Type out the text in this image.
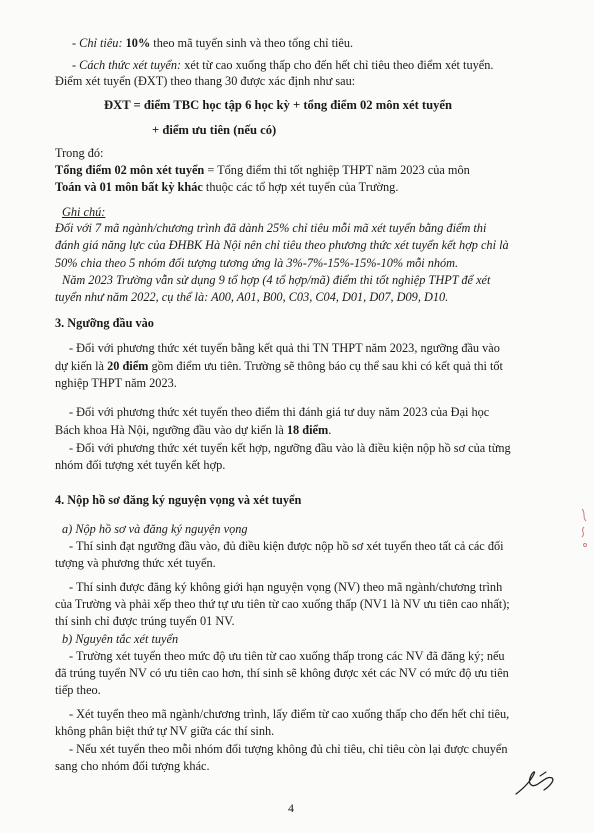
- Chỉ tiêu: 10% theo mã tuyển sinh và theo tổng chỉ tiêu.
- Cách thức xét tuyển: xét từ cao xuống thấp cho đến hết chỉ tiêu theo điểm xét tuyển.
Điểm xét tuyển (ĐXT) theo thang 30 được xác định như sau:
ĐXT = điểm TBC học tập 6 học kỳ + tổng điểm 02 môn xét tuyển
+ điểm ưu tiên (nếu có)
Trong đó:
Tổng điểm 02 môn xét tuyển = Tổng điểm thi tốt nghiệp THPT năm 2023 của môn
Toán và 01 môn bất kỳ khác thuộc các tổ hợp xét tuyển của Trường.
Ghi chú:
Đối với 7 mã ngành/chương trình đã dành 25% chỉ tiêu mỗi mã xét tuyển bằng điểm thi
đánh giá năng lực của ĐHBK Hà Nội nên chỉ tiêu theo phương thức xét tuyển kết hợp chỉ là
50% chia theo 5 nhóm đối tượng tương ứng là 3%-7%-15%-15%-10% mỗi nhóm.
Năm 2023 Trường vẫn sử dụng 9 tổ hợp (4 tổ hợp/mã) điểm thi tốt nghiệp THPT để xét
tuyển như năm 2022, cụ thể là: A00, A01, B00, C03, C04, D01, D07, D09, D10.
3. Ngưỡng đầu vào
- Đối với phương thức xét tuyển bằng kết quả thi TN THPT năm 2023, ngưỡng đầu vào
dự kiến là 20 điểm gồm điểm ưu tiên. Trường sẽ thông báo cụ thể sau khi có kết quả thi tốt
nghiệp THPT năm 2023.
- Đối với phương thức xét tuyển theo điểm thi đánh giá tư duy năm 2023 của Đại học
Bách khoa Hà Nội, ngưỡng đầu vào dự kiến là 18 điểm.
- Đối với phương thức xét tuyển kết hợp, ngưỡng đầu vào là điều kiện nộp hồ sơ của từng
nhóm đối tượng xét tuyển kết hợp.
4. Nộp hồ sơ đăng ký nguyện vọng và xét tuyển
a) Nộp hồ sơ và đăng ký nguyện vọng
- Thí sinh đạt ngưỡng đầu vào, đủ điều kiện được nộp hồ sơ xét tuyển theo tất cả các đối
tượng và phương thức xét tuyển.
- Thí sinh được đăng ký không giới hạn nguyện vọng (NV) theo mã ngành/chương trình
của Trường và phải xếp theo thứ tự ưu tiên từ cao xuống thấp (NV1 là NV ưu tiên cao nhất);
thí sinh chỉ được trúng tuyển 01 NV.
b) Nguyên tắc xét tuyển
- Trường xét tuyển theo mức độ ưu tiên từ cao xuống thấp trong các NV đã đăng ký; nếu
đã trúng tuyển NV có ưu tiên cao hơn, thí sinh sẽ không được xét các NV có mức độ ưu tiên
tiếp theo.
- Xét tuyển theo mã ngành/chương trình, lấy điểm từ cao xuống thấp cho đến hết chỉ tiêu,
không phân biệt thứ tự NV giữa các thí sinh.
- Nếu xét tuyển theo mỗi nhóm đối tượng không đủ chỉ tiêu, chỉ tiêu còn lại được chuyển
sang cho nhóm đối tượng khác.
4
